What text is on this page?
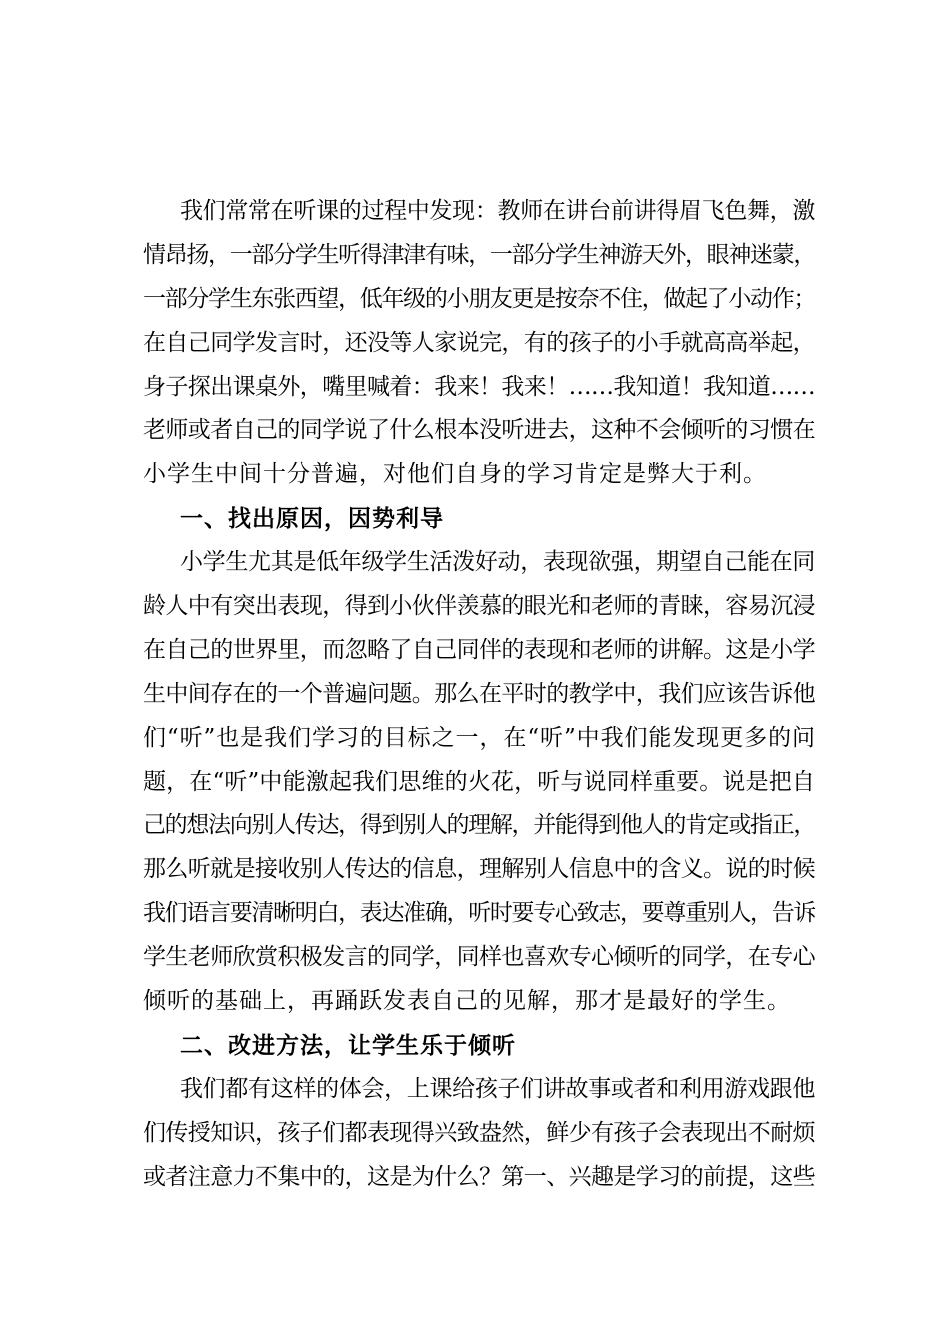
我们常常在听课的过程中发现：教师在讲台前讲得眉飞色舞，激
情昂扬，一部分学生听得津津有味，一部分学生神游天外，眼神迷蒙，
一部分学生东张西望，低年级的小朋友更是按奈不住，做起了小动作；
在自己同学发言时，还没等人家说完，有的孩子的小手就高高举起，
身子探出课桌外，嘴里喊着：我来！我来！……我知道！我知道……
老师或者自己的同学说了什么根本没听进去，这种不会倾听的习惯在
小学生中间十分普遍，对他们自身的学习肯定是弊大于利。
一、找出原因，因势利导
小学生尤其是低年级学生活泼好动，表现欲强，期望自己能在同
龄人中有突出表现，得到小伙伴羡慕的眼光和老师的青睐，容易沉浸
在自己的世界里，而忽略了自己同伴的表现和老师的讲解。这是小学
生中间存在的一个普遍问题。那么在平时的教学中，我们应该告诉他
们“听”也是我们学习的目标之一，在“听”中我们能发现更多的问
题，在“听”中能激起我们思维的火花，听与说同样重要。说是把自
己的想法向别人传达，得到别人的理解，并能得到他人的肯定或指正，
那么听就是接收别人传达的信息，理解别人信息中的含义。说的时候
我们语言要清晰明白，表达准确，听时要专心致志，要尊重别人，告诉
学生老师欣赏积极发言的同学，同样也喜欢专心倾听的同学，在专心
倾听的基础上，再踊跃发表自己的见解，那才是最好的学生。
二、改进方法，让学生乐于倾听
我们都有这样的体会，上课给孩子们讲故事或者和利用游戏跟他
们传授知识，孩子们都表现得兴致盎然，鲜少有孩子会表现出不耐烦
或者注意力不集中的，这是为什么？第一、兴趣是学习的前提，这些
